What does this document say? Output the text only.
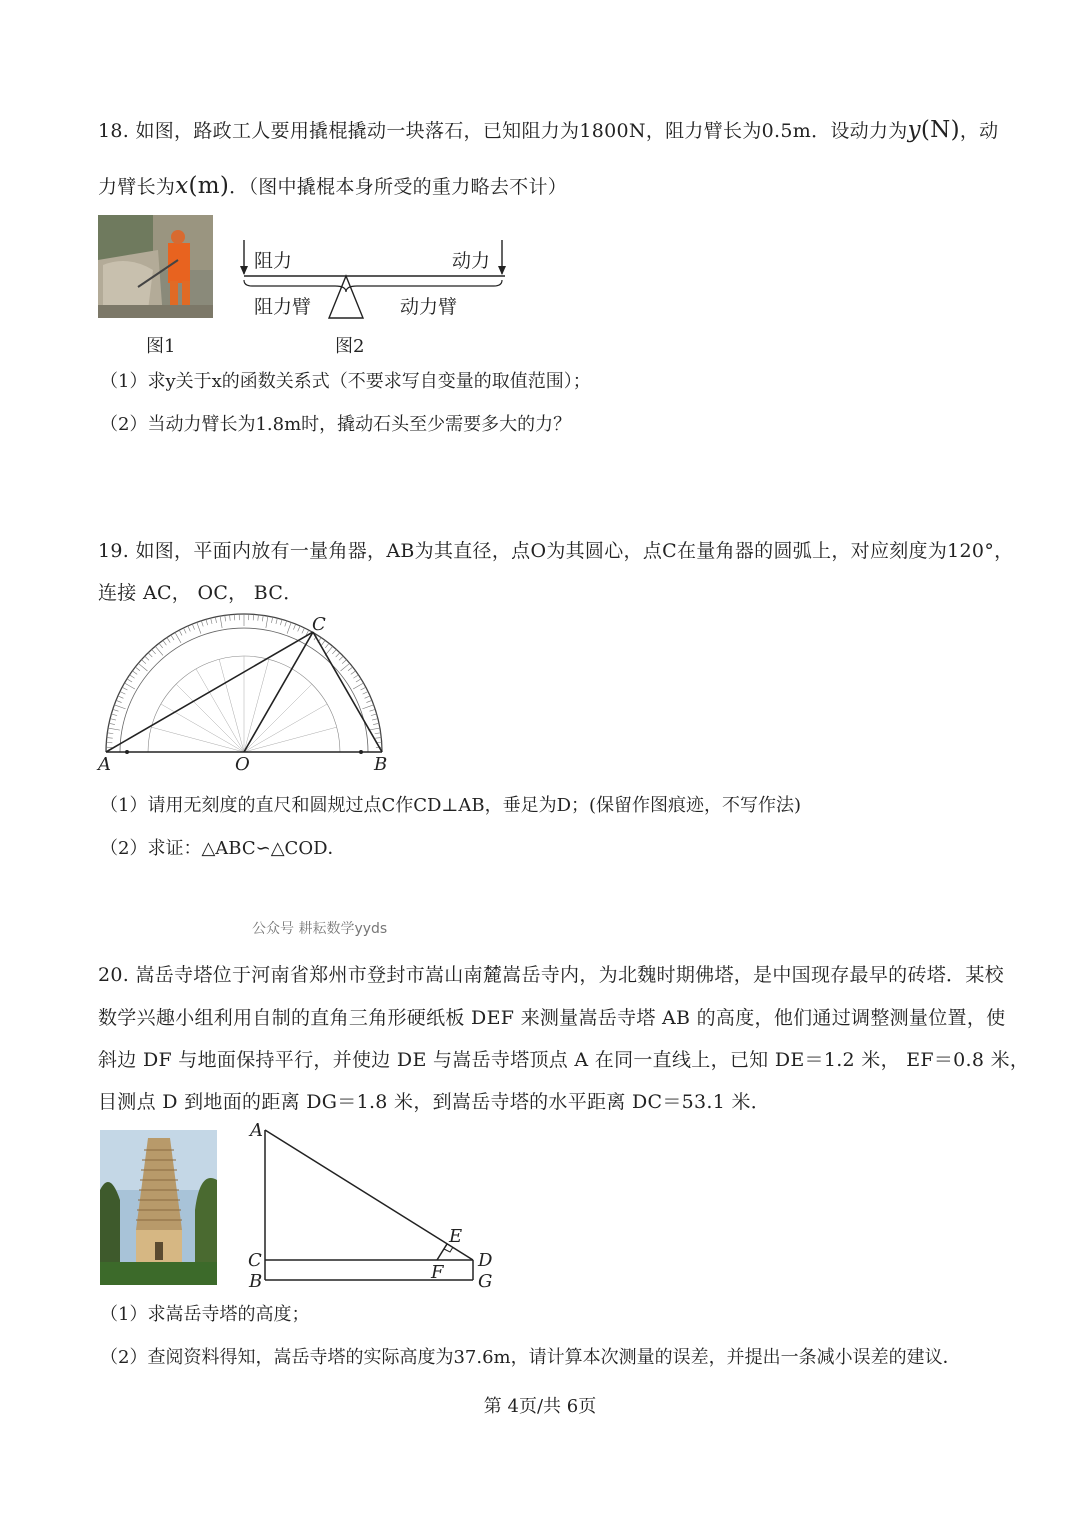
18. 如图，路政工人要用撬棍撬动一块落石，已知阻力为1800N，阻力臂长为0.5m．设动力为y(N)，动
力臂长为x(m)．（图中撬棍本身所受的重力略去不计）
阻力	动力
阻力臂	动力臂
图1	图2
（1）求y关于x的函数关系式（不要求写自变量的取值范围）；
（2）当动力臂长为1.8m时，撬动石头至少需要多大的力？
19. 如图，平面内放有一量角器，AB为其直径，点O为其圆心，点C在量角器的圆弧上，对应刻度为120°，
连接 AC， OC， BC．
A	O	B
C
（1）请用无刻度的直尺和圆规过点C作CD⊥AB，垂足为D；(保留作图痕迹，不写作法)
（2）求证：△ABC∽△COD．
公众号 耕耘数学yyds
20. 嵩岳寺塔位于河南省郑州市登封市嵩山南麓嵩岳寺内，为北魏时期佛塔，是中国现存最早的砖塔．某校
数学兴趣小组利用自制的直角三角形硬纸板 DEF 来测量嵩岳寺塔 AB 的高度，他们通过调整测量位置，使
斜边 DF 与地面保持平行，并使边 DE 与嵩岳寺塔顶点 A 在同一直线上，已知 DE＝1.2 米， EF＝0.8 米，
目测点 D 到地面的距离 DG＝1.8 米，到嵩岳寺塔的水平距离 DC＝53.1 米．
A
C
B
E
F
D
G
（1）求嵩岳寺塔的高度；
（2）查阅资料得知，嵩岳寺塔的实际高度为37.6m，请计算本次测量的误差，并提出一条减小误差的建议．
第 4页/共 6页
